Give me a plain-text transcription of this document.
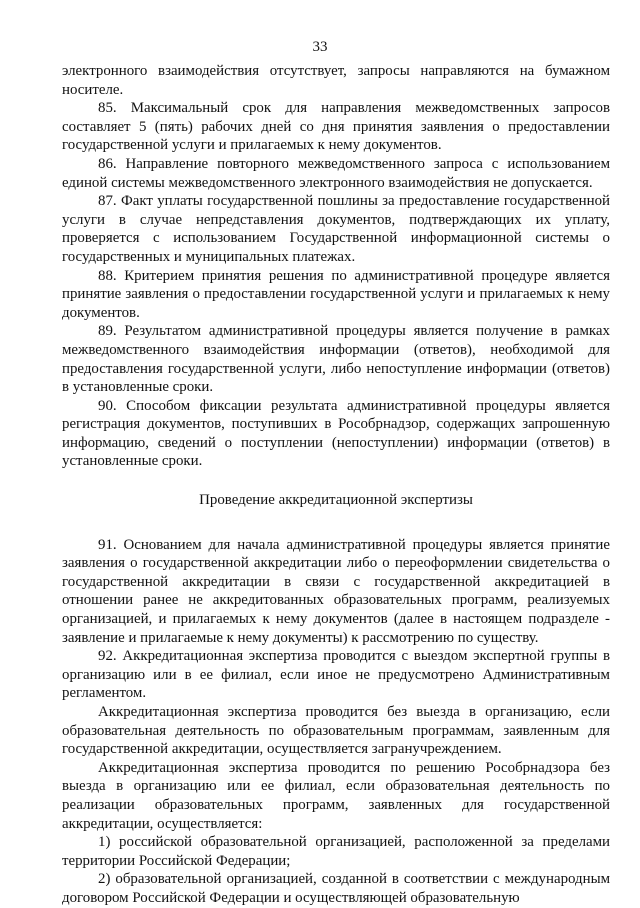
33

электронного взаимодействия отсутствует, запросы направляются на бумажном носителе.

85. Максимальный срок для направления межведомственных запросов составляет 5 (пять) рабочих дней со дня принятия заявления о предоставлении государственной услуги и прилагаемых к нему документов.

86. Направление повторного межведомственного запроса с использованием единой системы межведомственного электронного взаимодействия не допускается.

87. Факт уплаты государственной пошлины за предоставление государственной услуги в случае непредставления документов, подтверждающих их уплату, проверяется с использованием Государственной информационной системы о государственных и муниципальных платежах.

88. Критерием принятия решения по административной процедуре является принятие заявления о предоставлении государственной услуги и прилагаемых к нему документов.

89. Результатом административной процедуры является получение в рамках межведомственного взаимодействия информации (ответов), необходимой для предоставления государственной услуги, либо непоступление информации (ответов) в установленные сроки.

90. Способом фиксации результата административной процедуры является регистрация документов, поступивших в Рособрнадзор, содержащих запрошенную информацию, сведений о поступлении (непоступлении) информации (ответов) в установленные сроки.

Проведение аккредитационной экспертизы

91. Основанием для начала административной процедуры является принятие заявления о государственной аккредитации либо о переоформлении свидетельства о государственной аккредитации в связи с государственной аккредитацией в отношении ранее не аккредитованных образовательных программ, реализуемых организацией, и прилагаемых к нему документов (далее в настоящем подразделе - заявление и прилагаемые к нему документы) к рассмотрению по существу.

92. Аккредитационная экспертиза проводится с выездом экспертной группы в организацию или в ее филиал, если иное не предусмотрено Административным регламентом.

Аккредитационная экспертиза проводится без выезда в организацию, если образовательная деятельность по образовательным программам, заявленным для государственной аккредитации, осуществляется загранучреждением.

Аккредитационная экспертиза проводится по решению Рособрнадзора без выезда в организацию или ее филиал, если образовательная деятельность по реализации образовательных программ, заявленных для государственной аккредитации, осуществляется:

1) российской образовательной организацией, расположенной за пределами территории Российской Федерации;

2) образовательной организацией, созданной в соответствии с международным договором Российской Федерации и осуществляющей образовательную
